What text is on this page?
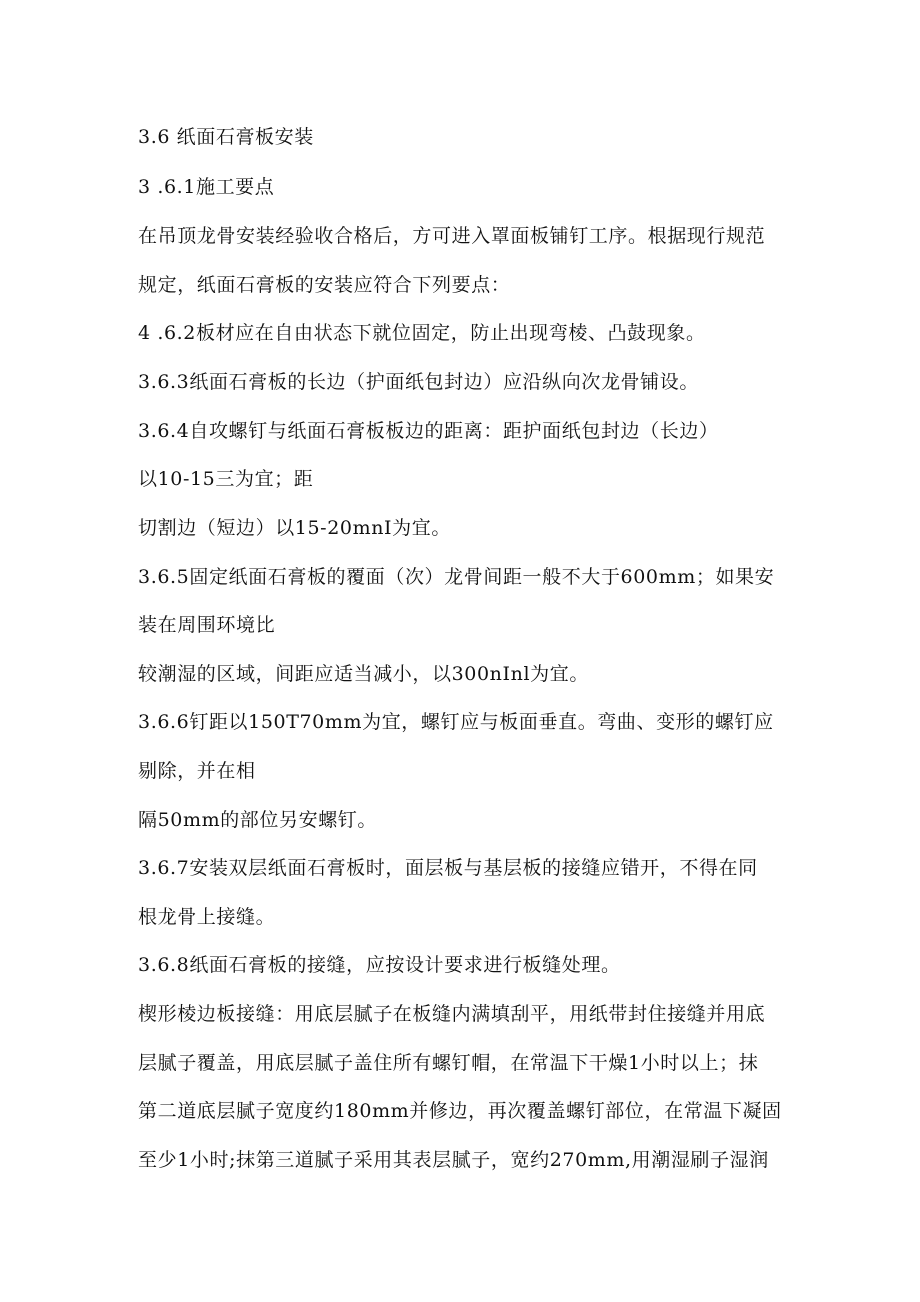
3.6 纸面石膏板安装
3 .6.1施工要点
在吊顶龙骨安装经验收合格后，方可进入罩面板铺钉工序。根据现行规范
规定，纸面石膏板的安装应符合下列要点：
4 .6.2板材应在自由状态下就位固定，防止出现弯棱、凸鼓现象。
3.6.3纸面石膏板的长边（护面纸包封边）应沿纵向次龙骨铺设。
3.6.4自攻螺钉与纸面石膏板板边的距离：距护面纸包封边（长边）
以10-15三为宜；距
切割边（短边）以15-20mnI为宜。
3.6.5固定纸面石膏板的覆面（次）龙骨间距一般不大于600mm；如果安
装在周围环境比
较潮湿的区域，间距应适当减小，以300nInl为宜。
3.6.6钉距以150T70mm为宜，螺钉应与板面垂直。弯曲、变形的螺钉应
剔除，并在相
隔50mm的部位另安螺钉。
3.6.7安装双层纸面石膏板时，面层板与基层板的接缝应错开，不得在同
根龙骨上接缝。
3.6.8纸面石膏板的接缝，应按设计要求进行板缝处理。
楔形棱边板接缝：用底层腻子在板缝内满填刮平，用纸带封住接缝并用底
层腻子覆盖，用底层腻子盖住所有螺钉帽，在常温下干燥1小时以上；抹
第二道底层腻子宽度约180mm并修边，再次覆盖螺钉部位，在常温下凝固
至少1小时;抹第三道腻子采用其表层腻子，宽约270mm,用潮湿刷子湿润
